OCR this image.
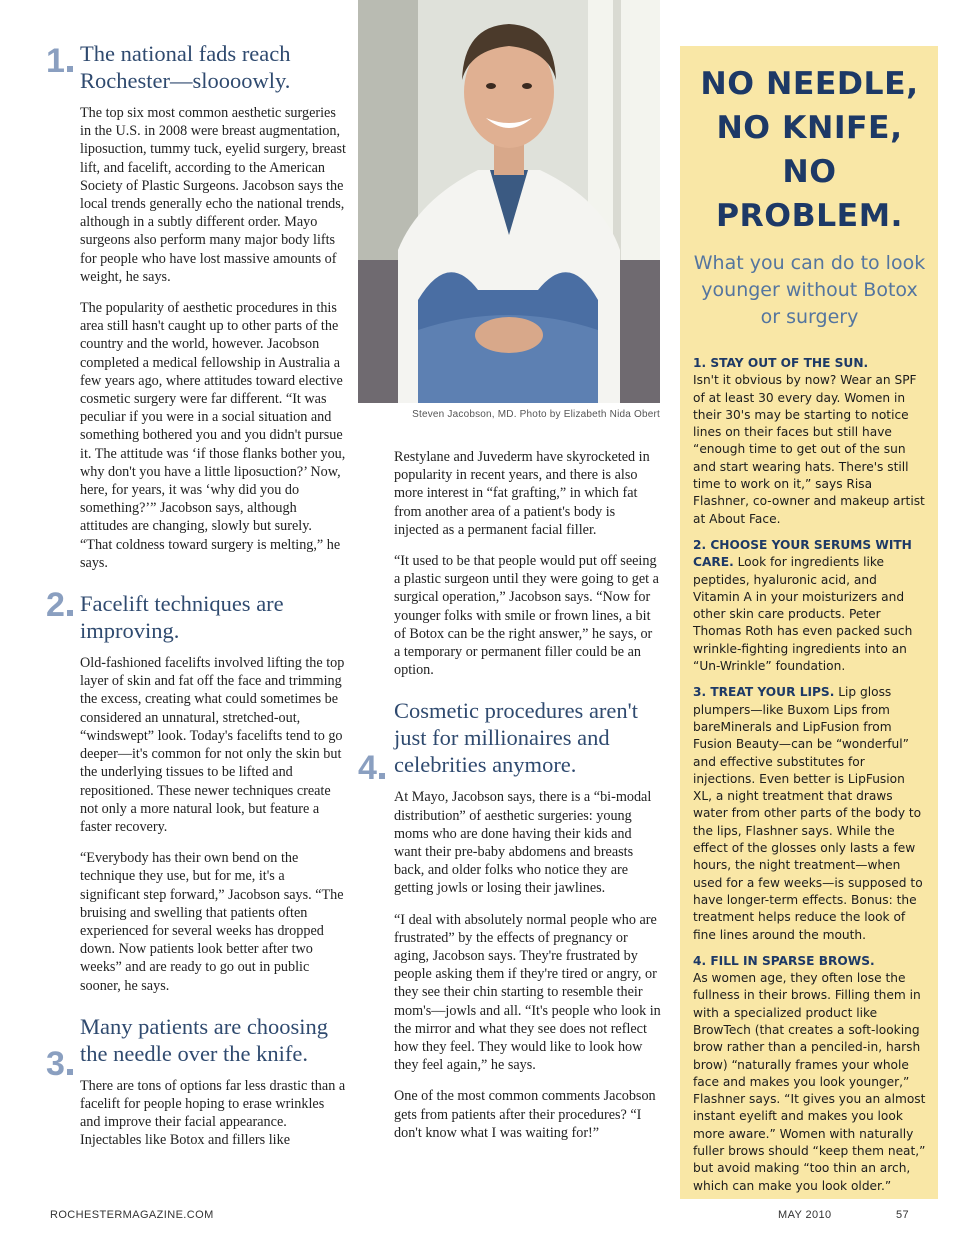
1 The national fads reach Rochester—sloooowly.

The top six most common aesthetic surgeries in the U.S. in 2008 were breast augmentation, liposuction, tummy tuck, eyelid surgery, breast lift, and facelift, according to the American Society of Plastic Surgeons. Jacobson says the local trends generally echo the national trends, although in a subtly different order. Mayo surgeons also perform many major body lifts for people who have lost massive amounts of weight, he says.

The popularity of aesthetic procedures in this area still hasn't caught up to other parts of the country and the world, however. Jacobson completed a medical fellowship in Australia a few years ago, where attitudes toward elective cosmetic surgery were far different. “It was peculiar if you were in a social situation and something bothered you and you didn't pursue it. The attitude was ‘if those flanks bother you, why don't you have a little liposuction?’ Now, here, for years, it was ‘why did you do something?’” Jacobson says, although attitudes are changing, slowly but surely. “That coldness toward surgery is melting,” he says.

2 Facelift techniques are improving.

Old-fashioned facelifts involved lifting the top layer of skin and fat off the face and trimming the excess, creating what could sometimes be considered an unnatural, stretched-out, “windswept” look. Today's facelifts tend to go deeper—it's common for not only the skin but the underlying tissues to be lifted and repositioned. These newer techniques create not only a more natural look, but feature a faster recovery.

“Everybody has their own bend on the technique they use, but for me, it's a significant step forward,” Jacobson says. “The bruising and swelling that patients often experienced for several weeks has dropped down. Now patients look better after two weeks” and are ready to go out in public sooner, he says.

3
Many patients are choosing the needle over the knife.

There are tons of options far less drastic than a facelift for people hoping to erase wrinkles and improve their facial appearance. Injectables like Botox and fillers like

Steven Jacobson, MD. Photo by Elizabeth Nida Obert

Restylane and Juvederm have skyrocketed in popularity in recent years, and there is also more interest in “fat grafting,” in which fat from another area of a patient's body is injected as a permanent facial filler.

“It used to be that people would put off seeing a plastic surgeon until they were going to get a surgical operation,” Jacobson says. “Now for younger folks with smile or frown lines, a bit of Botox can be the right answer,” he says, or a temporary or permanent filler could be an option.

4
Cosmetic procedures aren't just for millionaires and celebrities anymore.

At Mayo, Jacobson says, there is a “bi-modal distribution” of aesthetic surgeries: young moms who are done having their kids and want their pre-baby abdomens and breasts back, and older folks who notice they are getting jowls or losing their jawlines.

“I deal with absolutely normal people who are frustrated” by the effects of pregnancy or aging, Jacobson says. They're frustrated by people asking them if they're tired or angry, or they see their chin starting to resemble their mom's—jowls and all. “It's people who look in the mirror and what they see does not reflect how they feel. They would like to look how they feel again,” he says.

One of the most common comments Jacobson gets from patients after their procedures? “I don't know what I was waiting for!”

NO NEEDLE,
NO KNIFE,
NO PROBLEM.
What you can do to look younger without Botox or surgery

1. STAY OUT OF THE SUN.
Isn't it obvious by now? Wear an SPF of at least 30 every day. Women in their 30's may be starting to notice lines on their faces but still have “enough time to get out of the sun and start wearing hats. There's still time to work on it,” says Risa Flashner, co-owner and makeup artist at About Face.

2. CHOOSE YOUR SERUMS WITH CARE. Look for ingredients like peptides, hyaluronic acid, and Vitamin A in your moisturizers and other skin care products. Peter Thomas Roth has even packed such wrinkle-fighting ingredients into an “Un-Wrinkle” foundation.

3. TREAT YOUR LIPS. Lip gloss plumpers—like Buxom Lips from bareMinerals and LipFusion from Fusion Beauty—can be “wonderful” and effective substitutes for injections. Even better is LipFusion XL, a night treatment that draws water from other parts of the body to the lips, Flashner says. While the effect of the glosses only lasts a few hours, the night treatment—when used for a few weeks—is supposed to have longer-term effects. Bonus: the treatment helps reduce the look of fine lines around the mouth.

4. FILL IN SPARSE BROWS.
As women age, they often lose the fullness in their brows. Filling them in with a specialized product like BrowTech (that creates a soft-looking brow rather than a penciled-in, harsh brow) “naturally frames your whole face and makes you look younger,” Flashner says. “It gives you an almost instant eyelift and makes you look more aware.” Women with naturally fuller brows should “keep them neat,” but avoid making “too thin an arch, which can make you look older.”

ROCHESTERMAGAZINE.COM	MAY 2010	57
